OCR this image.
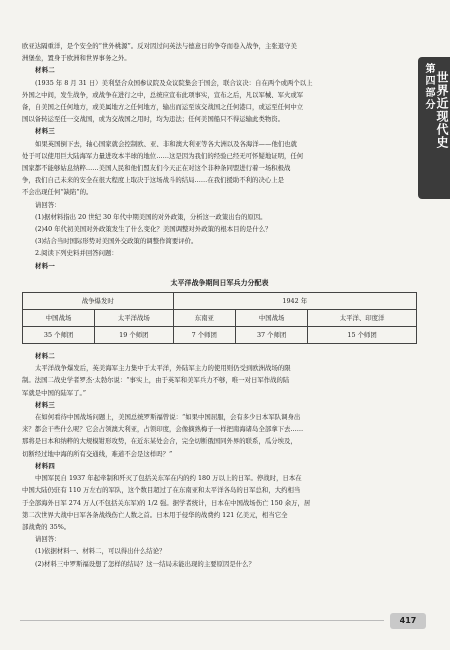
第四部分 世界近现代史

欧亚达隔重洋，是个安全的“世外桃源”。反对因过问英法与德意日的争夺而卷入战争，主张退守美

洲堡垒，置身于欧洲和世界事务之外。

材料二

(1935 年 8 月 31 日）美利坚合众国参议院及众议院集会于国会，联合议决：自在两个或两个以上

外国之中间，发生战争，或战争在进行之中，总统应宣布此项事实，宣布之后，凡以军械、军火或军

备，自美国之任何地方，或美属地方之任何地方，输出而运至该交战国之任何港口，或运至任何中立

国以备转运至任一交战国，或为交战国之用时，均为违法；任何美国船只不得运输此类物资。

材料三

如果英国倒下去，轴心国家就会控制欧、亚、非和澳大利亚等各大洲以及各海洋——他们也就

处于可以使用巨大陆海军力量进攻本半球的地位……这是因为我们的经验已经无可怀疑地证明，任何

国家都不能够姑息纳粹……美国人民和他们盟友们今天正在对这个非种条同盟进行着一场积极战

争，我们自己未来的安全在很大程度上取决于这场战斗的结局……在我们援助不利的决心上是

不会出现任何“缺陷”的。

请回答：

(1)据材料指出 20 世纪 30 年代中期美国的对外政策，分析这一政策出台的原因。

(2)40 年代初美国对外政策发生了什么变化？美国调整对外政策的根本目的是什么？

(3)结合当时国际形势对美国外交政策的调整作简要评价。

2.阅读下列史料并回答问题：

材料一

太平洋战争期间日军兵力分配表
战争爆发时		1942 年		
中国战场	太平洋战场	东南亚	中国战场	太平洋、印度洋
35 个师团	19 个师团	7 个师团	37 个师团	15 个师团

材料二

太平洋战争爆发后，英美海军主力集中于太平洋，外陆军主力的使用则仍受到欧洲战场的限

制。法国二战史学者罗杰·太勃尔说：“事实上，由于英军和美军兵力不够，唯一对日军作战的陆

军就是中国的陆军了。”

材料三

在如何看待中国战场问题上，美国总统罗斯福曾说：“如果中国屈服，会有多少日本军队调身出

来？都会干些什么呢？它会占领澳大利亚，占领印度，会像摘熟梅子一样把南海诸岛全部拿下去……

那将是日本和纳粹的大规模钳形攻势，在近东某处会合，完全切断俄国同外界的联系，瓜分埃及，

切断经过地中海的所有交通线，难道不会是这样吗？”

材料四

中国军民自 1937 年起牵制和歼灭了包括关东军在内的约 180 万以上的日军。停战时，日本在

中国大陆仍驻有 110 万左右的军队，这个数目超过了在东南亚和太平洋各岛的日军总和，大约相当

于全部海外日军 274 万人(不包括关东军)的 1/2 强。据学者统计，日本在中国战场伤亡 150 余万，居

第二次世界大战中日军各条战线伤亡人数之首。日本用于侵华的战费约 121 亿美元，相当它全

部战费的 35%。

请回答：

(1)依据材料一、材料二，可以得出什么结论？

(2)材料三中罗斯福设想了怎样的结局？这一结局未能出现的主要原因是什么？

417
